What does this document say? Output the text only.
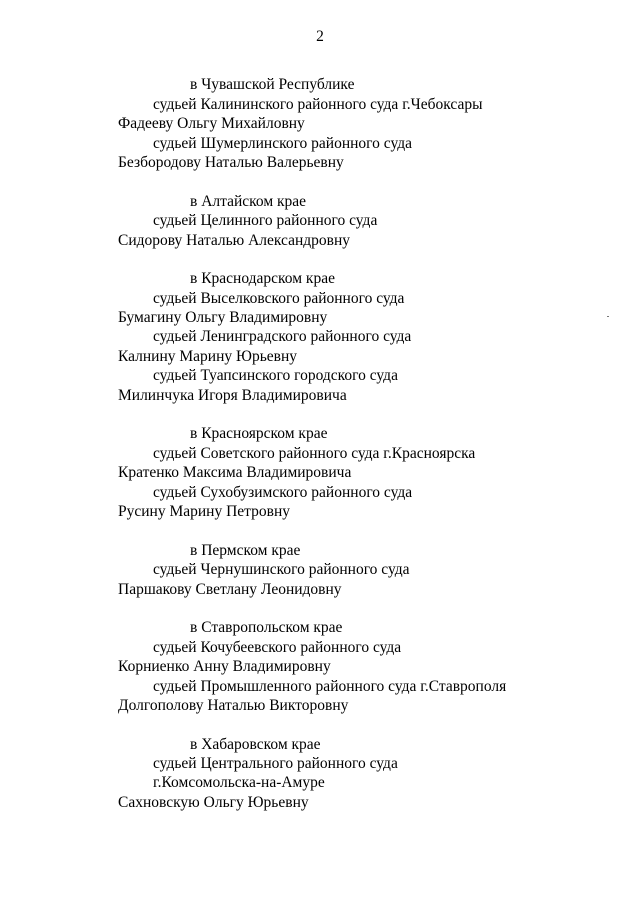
2
в Чувашской Республике
судьей Калининского районного суда г.Чебоксары
Фадееву Ольгу Михайловну
судьей Шумерлинского районного суда
Безбородову Наталью Валерьевну
в Алтайском крае
судьей Целинного районного суда
Сидорову Наталью Александровну
в Краснодарском крае
судьей Выселковского районного суда
Бумагину Ольгу Владимировну
судьей Ленинградского районного суда
Калнину Марину Юрьевну
судьей Туапсинского городского суда
Милинчука Игоря Владимировича
в Красноярском крае
судьей Советского районного суда г.Красноярска
Кратенко Максима Владимировича
судьей Сухобузимского районного суда
Русину Марину Петровну
в Пермском крае
судьей Чернушинского районного суда
Паршакову Светлану Леонидовну
в Ставропольском крае
судьей Кочубеевского районного суда
Корниенко Анну Владимировну
судьей Промышленного районного суда г.Ставрополя
Долгополову Наталью Викторовну
в Хабаровском крае
судьей Центрального районного суда
г.Комсомольска-на-Амуре
Сахновскую Ольгу Юрьевну
